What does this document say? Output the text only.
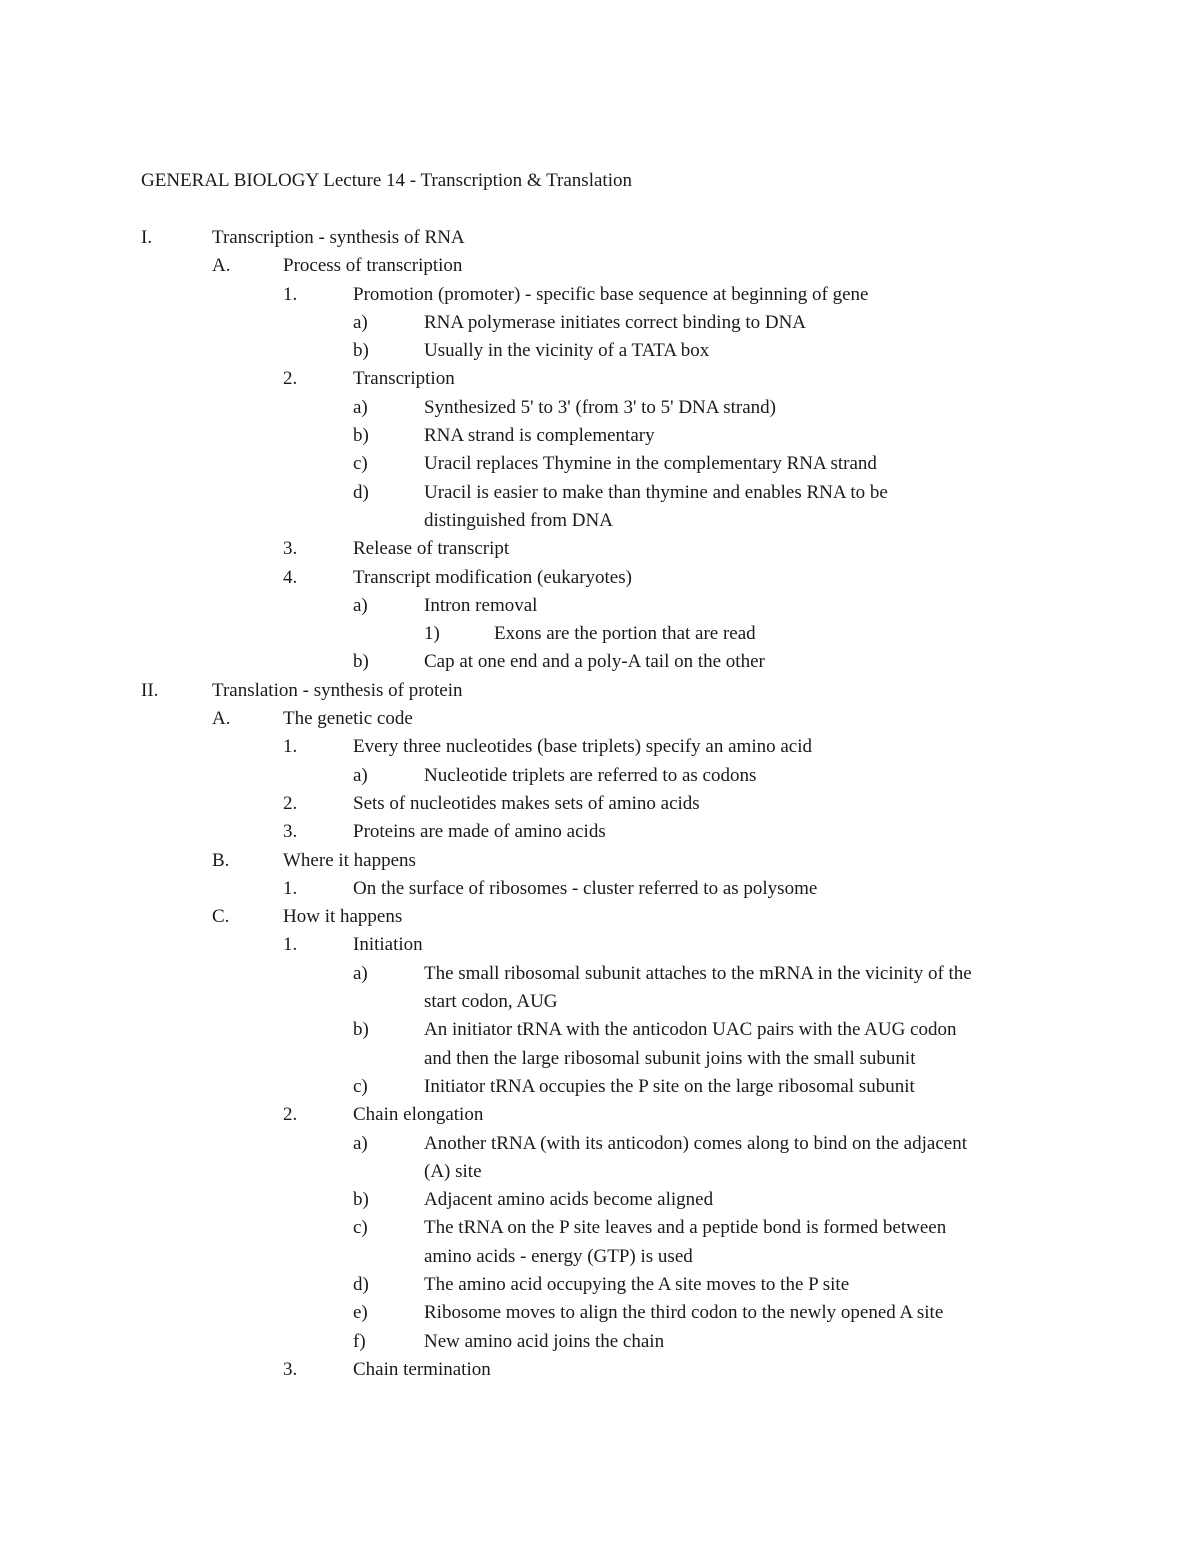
GENERAL BIOLOGY Lecture 14 - Transcription & Translation
I.	Transcription - synthesis of RNA
A.	Process of transcription
1.	Promotion (promoter) - specific base sequence at beginning of gene
a)	RNA polymerase initiates correct binding to DNA
b)	Usually in the vicinity of a TATA box
2.	Transcription
a)	Synthesized 5' to 3' (from 3' to 5' DNA strand)
b)	RNA strand is complementary
c)	Uracil replaces Thymine in the complementary RNA strand
d)	Uracil is easier to make than thymine and enables RNA to be
distinguished from DNA
3.	Release of transcript
4.	Transcript modification (eukaryotes)
a)	Intron removal
1)	Exons are the portion that are read
b)	Cap at one end and a poly-A tail on the other
II.	Translation - synthesis of protein
A.	The genetic code
1.	Every three nucleotides (base triplets) specify an amino acid
a)	Nucleotide triplets are referred to as codons
2.	Sets of nucleotides makes sets of amino acids
3.	Proteins are made of amino acids
B.	Where it happens
1.	On the surface of ribosomes - cluster referred to as polysome
C.	How it happens
1.	Initiation
a)	The small ribosomal subunit attaches to the mRNA in the vicinity of the
start codon, AUG
b)	An initiator tRNA with the anticodon UAC pairs with the AUG codon
and then the large ribosomal subunit joins with the small subunit
c)	Initiator tRNA occupies the P site on the large ribosomal subunit
2.	Chain elongation
a)	Another tRNA (with its anticodon) comes along to bind on the adjacent
(A) site
b)	Adjacent amino acids become aligned
c)	The tRNA on the P site leaves and a peptide bond is formed between
amino acids - energy (GTP) is used
d)	The amino acid occupying the A site moves to the P site
e)	Ribosome moves to align the third codon to the newly opened A site
f)	New amino acid joins the chain
3.	Chain termination
